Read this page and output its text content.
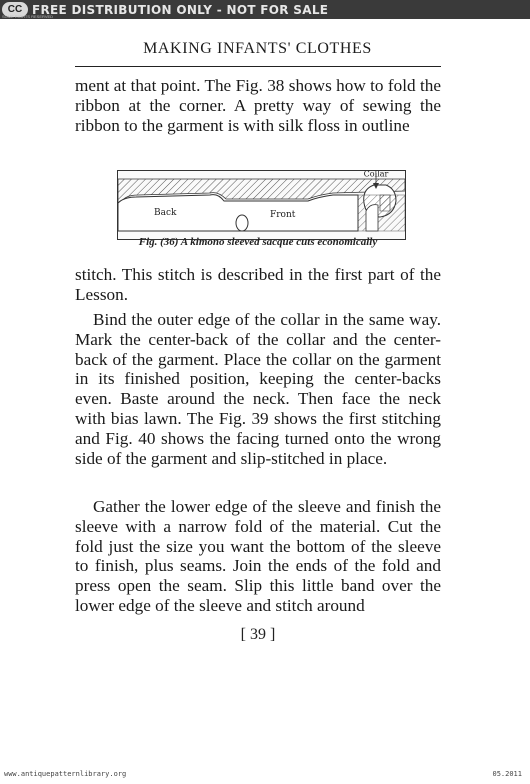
CC FREE DISTRIBUTION ONLY - NOT FOR SALE
SOME RIGHTS RESERVED
MAKING INFANTS' CLOTHES

ment at that point. The Fig. 38 shows how to fold the ribbon at the corner. A pretty way of sewing the ribbon to the garment is with silk floss in outline

Collar
Back	Front
Fig. (36) A kimono sleeved sacque cuts economically

stitch. This stitch is described in the first part of the Lesson.

Bind the outer edge of the collar in the same way. Mark the center-back of the collar and the center-back of the garment. Place the collar on the garment in its finished position, keeping the center-backs even. Baste around the neck. Then face the neck with bias lawn. The Fig. 39 shows the first stitching and Fig. 40 shows the facing turned onto the wrong side of the garment and slip-stitched in place.

Gather the lower edge of the sleeve and finish the sleeve with a narrow fold of the material. Cut the fold just the size you want the bottom of the sleeve to finish, plus seams. Join the ends of the fold and press open the seam. Slip this little band over the lower edge of the sleeve and stitch around

[ 39 ]
www.antiquepatternlibrary.org	05.2011
